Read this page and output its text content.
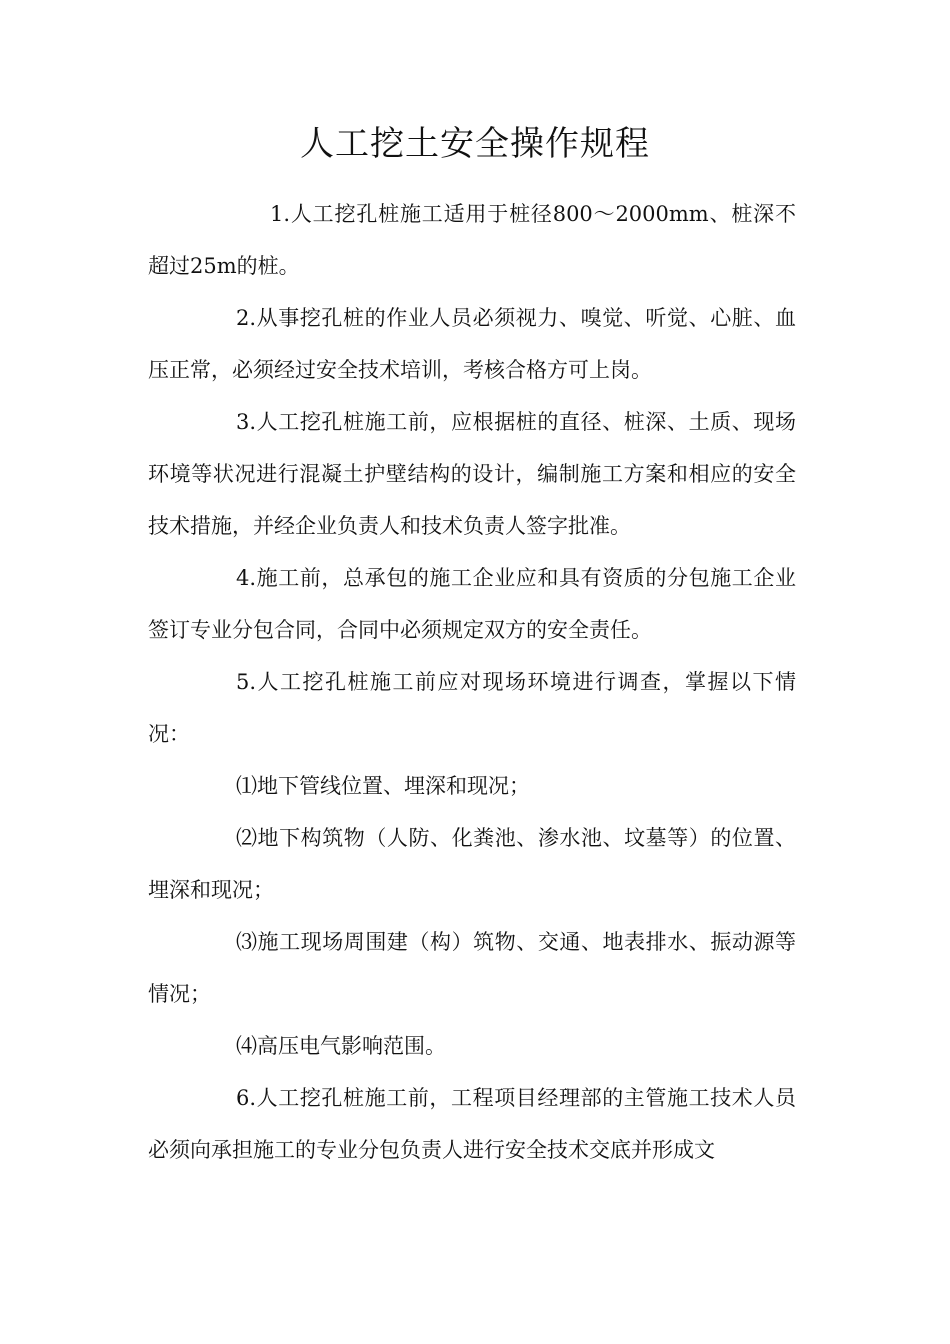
人工挖土安全操作规程

1.人工挖孔桩施工适用于桩径800～2000mm、桩深不超过25m的桩。

2.从事挖孔桩的作业人员必须视力、嗅觉、听觉、心脏、血压正常，必须经过安全技术培训，考核合格方可上岗。

3.人工挖孔桩施工前，应根据桩的直径、桩深、土质、现场环境等状况进行混凝土护壁结构的设计，编制施工方案和相应的安全技术措施，并经企业负责人和技术负责人签字批准。

4.施工前，总承包的施工企业应和具有资质的分包施工企业签订专业分包合同，合同中必须规定双方的安全责任。

5.人工挖孔桩施工前应对现场环境进行调查，掌握以下情况：

⑴地下管线位置、埋深和现况；

⑵地下构筑物（人防、化粪池、渗水池、坟墓等）的位置、埋深和现况；

⑶施工现场周围建（构）筑物、交通、地表排水、振动源等情况；

⑷高压电气影响范围。

6.人工挖孔桩施工前，工程项目经理部的主管施工技术人员必须向承担施工的专业分包负责人进行安全技术交底并形成文
